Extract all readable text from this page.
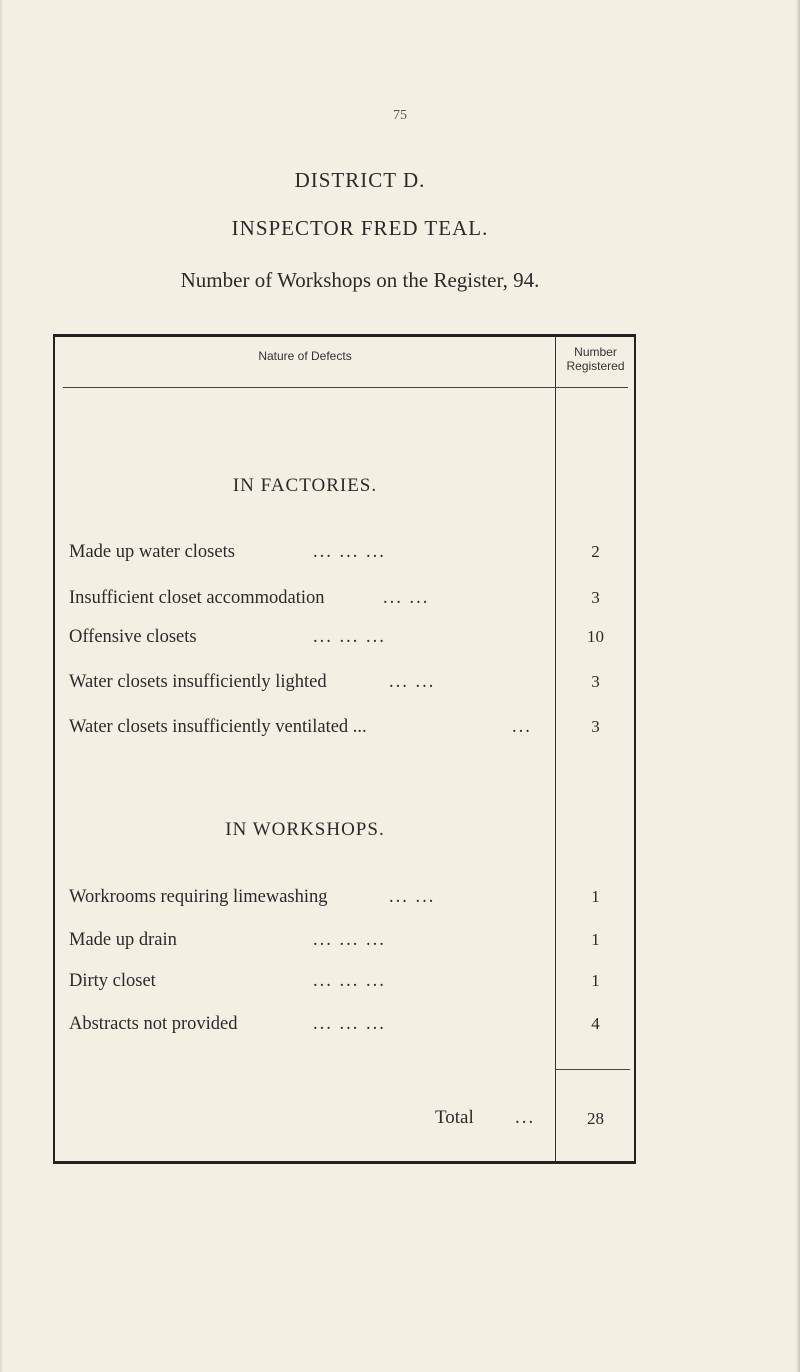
75
DISTRICT D.
INSPECTOR FRED TEAL.
Number of Workshops on the Register, 94.
Nature of Defects	Number
Registered
IN FACTORIES.
Made up water closets	... ... ...	2
Insufficient closet accommodation	... ...	3
Offensive closets	... ... ...	10
Water closets insufficiently lighted	... ...	3
Water closets insufficiently ventilated ...	...	3
IN WORKSHOPS.
Workrooms requiring limewashing	... ...	1
Made up drain	... ... ...	1
Dirty closet	... ... ...	1
Abstracts not provided	... ... ...	4
Total ...	28
